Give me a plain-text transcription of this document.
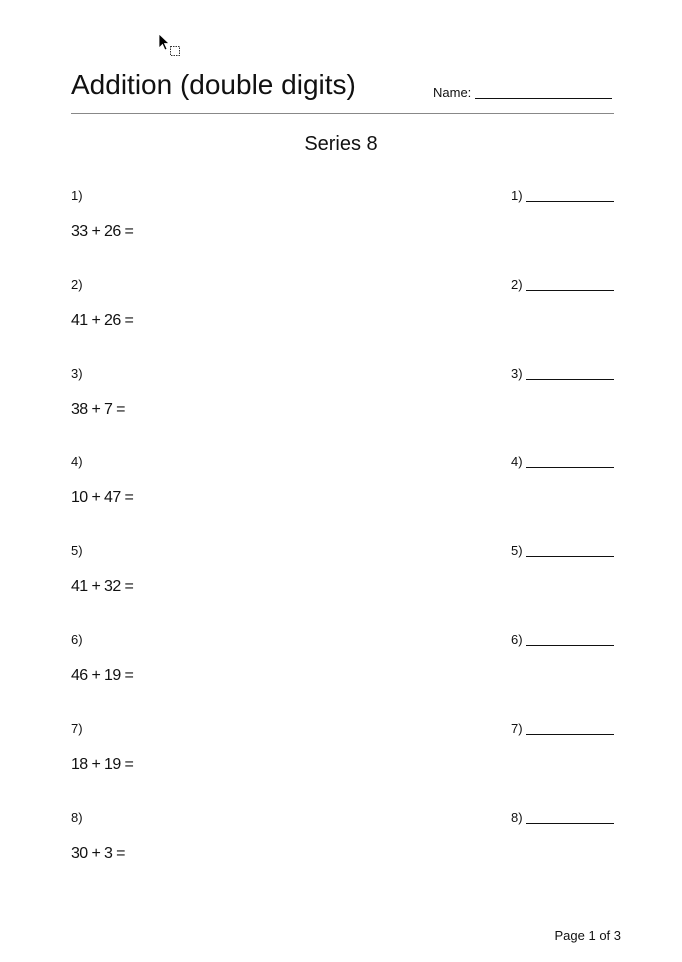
Addition (double digits)	Name:
Series 8
1)
33 + 26 =
1)
2)
41 + 26 =
2)
3)
38 + 7 =
3)
4)
10 + 47 =
4)
5)
41 + 32 =
5)
6)
46 + 19 =
6)
7)
18 + 19 =
7)
8)
30 + 3 =
8)
Page 1 of 3
